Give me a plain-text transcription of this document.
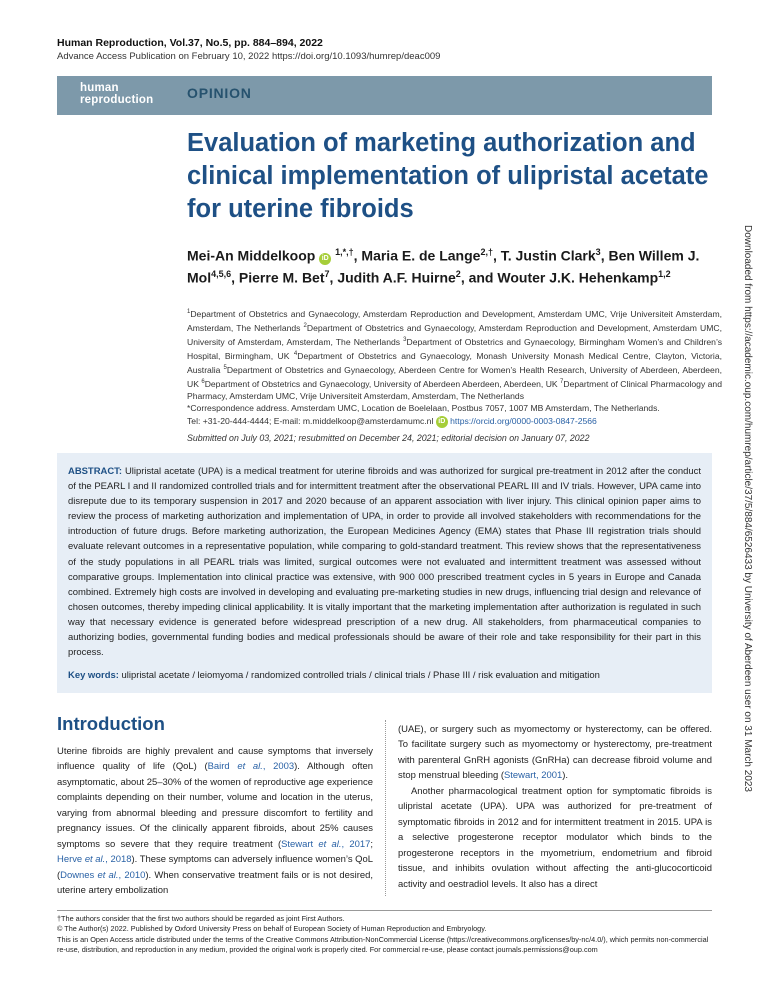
Human Reproduction, Vol.37, No.5, pp. 884–894, 2022
Advance Access Publication on February 10, 2022 https://doi.org/10.1093/humrep/deac009
human
reproduction OPINION
Evaluation of marketing authorization and clinical implementation of ulipristal acetate for uterine fibroids
Mei-An Middelkoop iD $^{1,*,\dagger}$, Maria E. de Lange$^{2,\dagger}$, T. Justin Clark$^3$, Ben Willem J. Mol$^{4,5,6}$, Pierre M. Bet$^7$, Judith A.F. Huirne$^2$, and Wouter J.K. Hehenkamp$^{1,2}$
$^1$Department of Obstetrics and Gynaecology, Amsterdam Reproduction and Development, Amsterdam UMC, Vrije Universiteit Amsterdam, Amsterdam, The Netherlands $^2$Department of Obstetrics and Gynaecology, Amsterdam Reproduction and Development, Amsterdam UMC, University of Amsterdam, Amsterdam, The Netherlands $^3$Department of Obstetrics and Gynaecology, Birmingham Women’s and Children’s Hospital, Birmingham, UK $^4$Department of Obstetrics and Gynaecology, Monash University Monash Medical Centre, Clayton, Victoria, Australia $^5$Department of Obstetrics and Gynaecology, Aberdeen Centre for Women’s Health Research, University of Aberdeen, Aberdeen, UK $^6$Department of Obstetrics and Gynaecology, University of Aberdeen Aberdeen, Aberdeen, UK $^7$Department of Clinical Pharmacology and Pharmacy, Amsterdam UMC, Vrije Universiteit Amsterdam, Amsterdam, The Netherlands
*Correspondence address. Amsterdam UMC, Location de Boelelaan, Postbus 7057, 1007 MB Amsterdam, The Netherlands.
Tel: +31-20-444-4444; E-mail: m.middelkoop@amsterdamumc.nl iD https://orcid.org/0000-0003-0847-2566
Submitted on July 03, 2021; resubmitted on December 24, 2021; editorial decision on January 07, 2022
ABSTRACT: Ulipristal acetate (UPA) is a medical treatment for uterine fibroids and was authorized for surgical pre-treatment in 2012 after the conduct of the PEARL I and II randomized controlled trials and for intermittent treatment after the observational PEARL III and IV trials. However, UPA came into disrepute due to its temporary suspension in 2017 and 2020 because of an apparent association with liver injury. This clinical opinion paper aims to review the process of marketing authorization and implementation of UPA, in order to provide all involved stakeholders with recommendations for the introduction of future drugs. Before marketing authorization, the European Medicines Agency (EMA) states that Phase III registration trials should evaluate relevant outcomes in a representative population, while comparing to gold-standard treatment. This review shows that the representativeness of the study populations in all PEARL trials was limited, surgical outcomes were not evaluated and intermittent treatment was assessed without comparative groups. Implementation into clinical practice was extensive, with 900 000 prescribed treatment cycles in 5 years in Europe and Canada combined. Extremely high costs are involved in developing and evaluating pre-marketing studies in new drugs, influencing trial design and relevance of chosen outcomes, thereby impeding clinical applicability. It is vitally important that the marketing implementation after authorization is regulated in such way that necessary evidence is generated before widespread prescription of a new drug. All stakeholders, from pharmaceutical companies to authorizing bodies, governmental funding bodies and medical professionals should be aware of their role and take responsibility for their part in this process.
Key words: ulipristal acetate / leiomyoma / randomized controlled trials / clinical trials / Phase III / risk evaluation and mitigation
Introduction
Uterine fibroids are highly prevalent and cause symptoms that inversely influence quality of life (QoL) (Baird et al., 2003). Although often asymptomatic, about 25–30% of the women of reproductive age experience complaints depending on their number, volume and location in the uterus, varying from abnormal bleeding and pressure discomfort to fertility and pregnancy issues. Of the clinically apparent fibroids, about 25% causes symptoms so severe that they require treatment (Stewart et al., 2017; Herve et al., 2018). These symptoms can adversely influence women’s QoL (Downes et al., 2010). When conservative treatment fails or is not desired, uterine artery embolization
(UAE), or surgery such as myomectomy or hysterectomy, can be offered. To facilitate surgery such as myomectomy or hysterectomy, pre-treatment with parenteral GnRH agonists (GnRHa) can decrease fibroid volume and stop menstrual bleeding (Stewart, 2001).
Another pharmacological treatment option for symptomatic fibroids is ulipristal acetate (UPA). UPA was authorized for pre-treatment of symptomatic fibroids in 2012 and for intermittent treatment in 2015. UPA is a selective progesterone receptor modulator which binds to the progesterone receptors in the myometrium, endometrium and fibroid tissue, and inhibits ovulation without affecting the anti-glucocorticoid activity and oestradiol levels. It also has a direct
†The authors consider that the first two authors should be regarded as joint First Authors.
© The Author(s) 2022. Published by Oxford University Press on behalf of European Society of Human Reproduction and Embryology.
This is an Open Access article distributed under the terms of the Creative Commons Attribution-NonCommercial License (https://creativecommons.org/licenses/by-nc/4.0/), which permits non-commercial re-use, distribution, and reproduction in any medium, provided the original work is properly cited. For commercial re-use, please contact journals.permissions@oup.com
Downloaded from https://academic.oup.com/humrep/article/37/5/884/6526433 by University of Aberdeen user on 31 March 2023
